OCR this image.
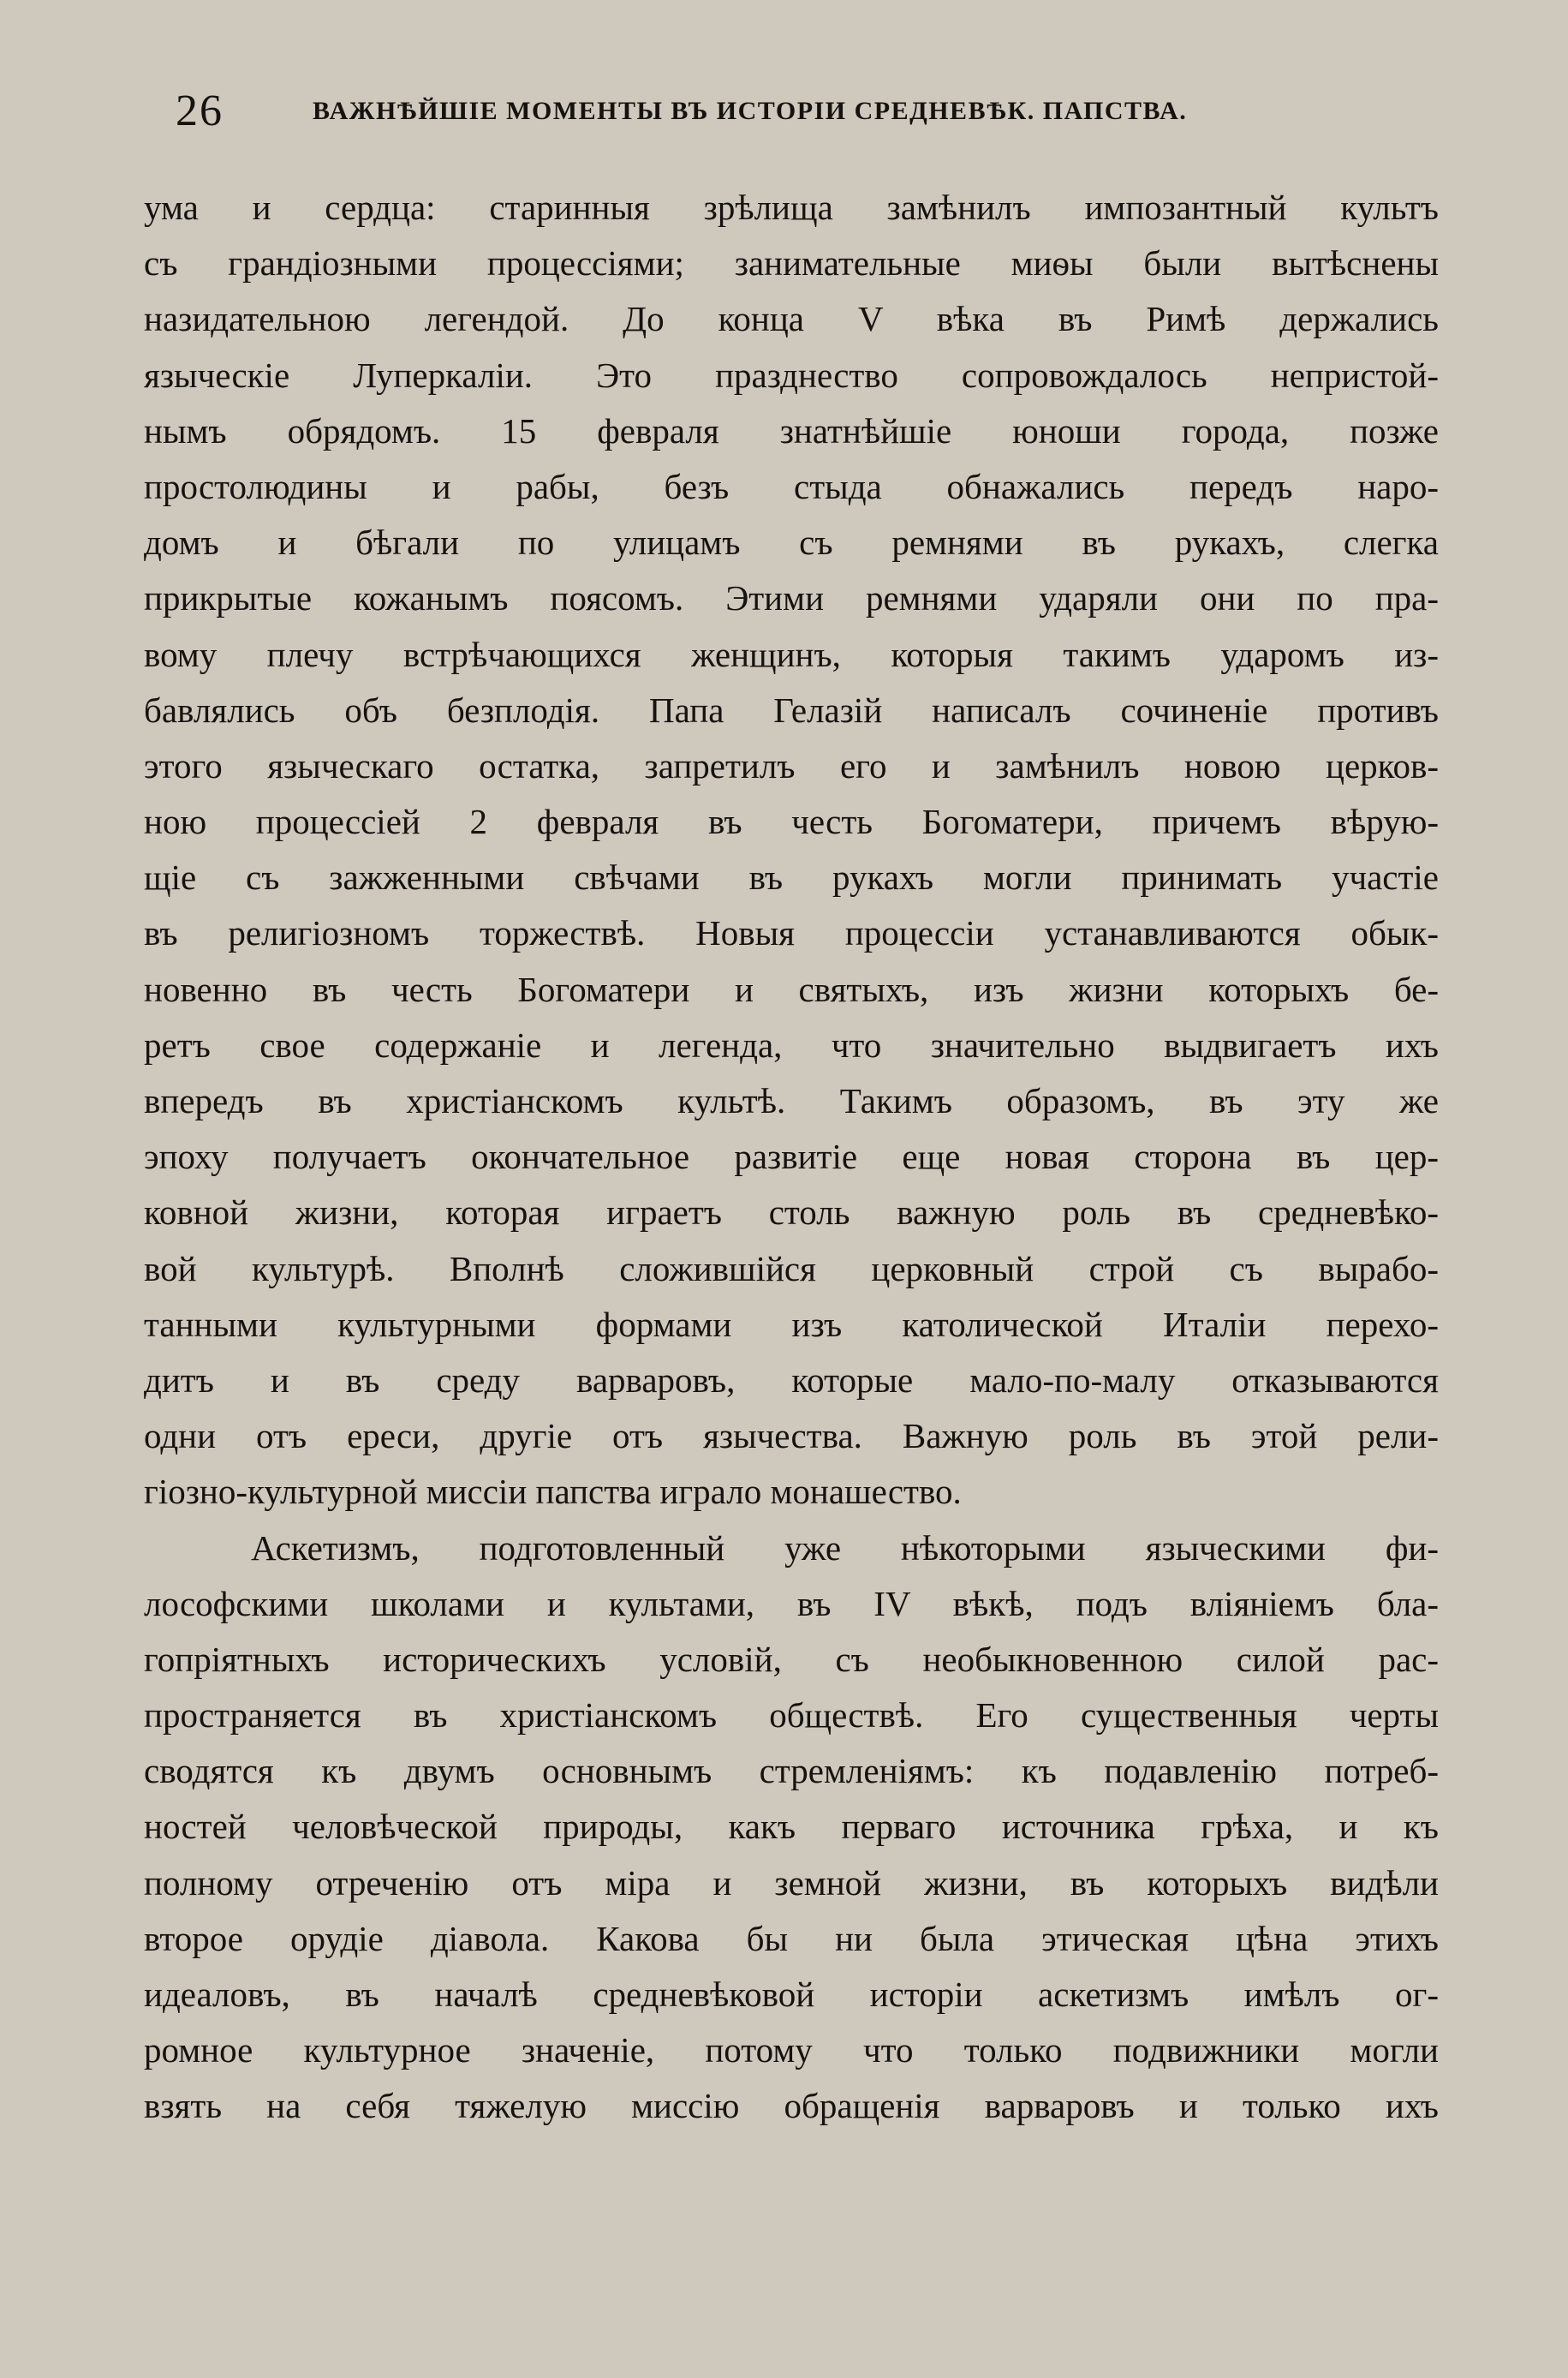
26	ВАЖНѢЙШІЕ МОМЕНТЫ ВЪ ИСТОРІИ СРЕДНЕВѢК. ПАПСТВА.

ума и сердца: старинныя зрѣлища замѣнилъ импозантный культъ
съ грандіозными процессіями; занимательные миѳы были вытѣснены
назидательною легендой. До конца V вѣка въ Римѣ держались
языческіе Луперкаліи. Это празднество сопровождалось непристой-
нымъ обрядомъ. 15 февраля знатнѣйшіе юноши города, позже
простолюдины и рабы, безъ стыда обнажались передъ наро-
домъ и бѣгали по улицамъ съ ремнями въ рукахъ, слегка
прикрытые кожанымъ поясомъ. Этими ремнями ударяли они по пра-
вому плечу встрѣчающихся женщинъ, которыя такимъ ударомъ из-
бавлялись объ безплодія. Папа Гелазій написалъ сочиненіе противъ
этого языческаго остатка, запретилъ его и замѣнилъ новою церков-
ною процессіей 2 февраля въ честь Богоматери, причемъ вѣрую-
щіе съ зажженными свѣчами въ рукахъ могли принимать участіе
въ религіозномъ торжествѣ. Новыя процессіи устанавливаются обык-
новенно въ честь Богоматери и святыхъ, изъ жизни которыхъ бе-
ретъ свое содержаніе и легенда, что значительно выдвигаетъ ихъ
впередъ въ христіанскомъ культѣ. Такимъ образомъ, въ эту же
эпоху получаетъ окончательное развитіе еще новая сторона въ цер-
ковной жизни, которая играетъ столь важную роль въ средневѣко-
вой культурѣ. Вполнѣ сложившійся церковный строй съ вырабо-
танными культурными формами изъ католической Италіи перехо-
дитъ и въ среду варваровъ, которые мало-по-малу отказываются
одни отъ ереси, другіе отъ язычества. Важную роль въ этой рели-
гіозно-культурной миссіи папства играло монашество.

Аскетизмъ, подготовленный уже нѣкоторыми языческими фи-
лософскими школами и культами, въ IV вѣкѣ, подъ вліяніемъ бла-
гопріятныхъ историческихъ условій, съ необыкновенною силой рас-
пространяется въ христіанскомъ обществѣ. Его существенныя черты
сводятся къ двумъ основнымъ стремленіямъ: къ подавленію потреб-
ностей человѣческой природы, какъ перваго источника грѣха, и къ
полному отреченію отъ міра и земной жизни, въ которыхъ видѣли
второе орудіе діавола. Какова бы ни была этическая цѣна этихъ
идеаловъ, въ началѣ средневѣковой исторіи аскетизмъ имѣлъ ог-
ромное культурное значеніе, потому что только подвижники могли
взять на себя тяжелую миссію обращенія варваровъ и только ихъ
